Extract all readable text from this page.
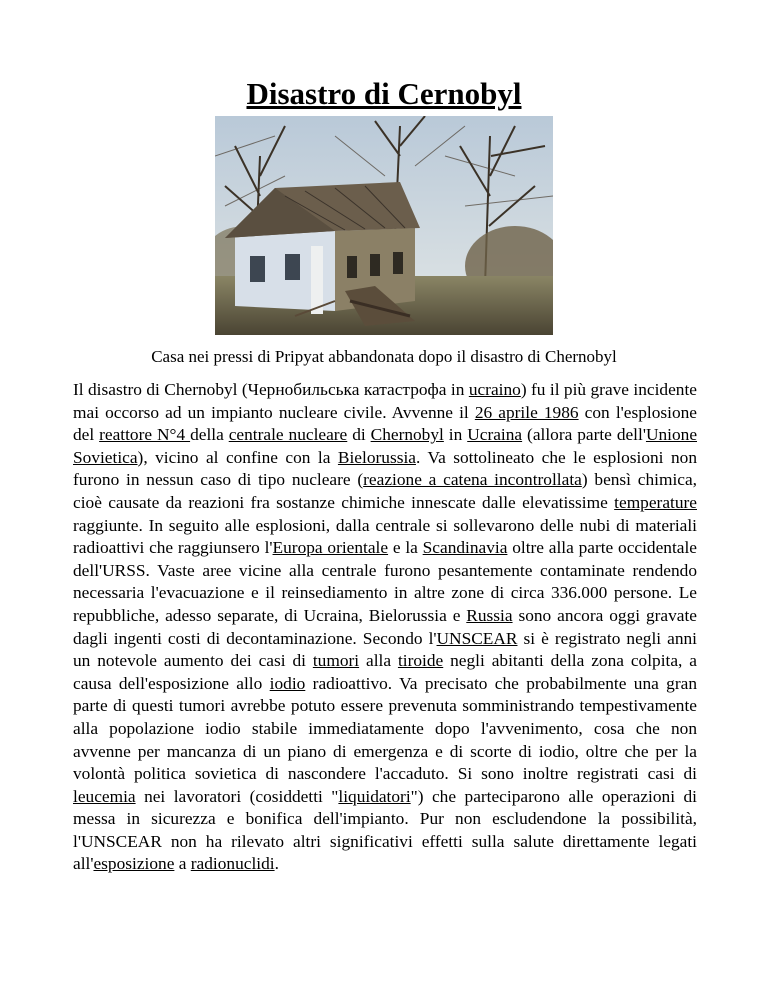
Disastro di Cernobyl

Casa nei pressi di Pripyat abbandonata dopo il disastro di Chernobyl

Il disastro di Chernobyl (Чернобильська катастрофа in ucraino) fu il più grave incidente mai occorso ad un impianto nucleare civile. Avvenne il 26 aprile 1986 con l'esplosione del reattore N°4 della centrale nucleare di Chernobyl in Ucraina (allora parte dell'Unione Sovietica), vicino al confine con la Bielorussia. Va sottolineato che le esplosioni non furono in nessun caso di tipo nucleare (reazione a catena incontrollata) bensì chimica, cioè causate da reazioni fra sostanze chimiche innescate dalle elevatissime temperature raggiunte. In seguito alle esplosioni, dalla centrale si sollevarono delle nubi di materiali radioattivi che raggiunsero l'Europa orientale e la Scandinavia oltre alla parte occidentale dell'URSS. Vaste aree vicine alla centrale furono pesantemente contaminate rendendo necessaria l'evacuazione e il reinsediamento in altre zone di circa 336.000 persone. Le repubbliche, adesso separate, di Ucraina, Bielorussia e Russia sono ancora oggi gravate dagli ingenti costi di decontaminazione. Secondo l'UNSCEAR si è registrato negli anni un notevole aumento dei casi di tumori alla tiroide negli abitanti della zona colpita, a causa dell'esposizione allo iodio radioattivo. Va precisato che probabilmente una gran parte di questi tumori avrebbe potuto essere prevenuta somministrando tempestivamente alla popolazione iodio stabile immediatamente dopo l'avvenimento, cosa che non avvenne per mancanza di un piano di emergenza e di scorte di iodio, oltre che per la volontà politica sovietica di nascondere l'accaduto. Si sono inoltre registrati casi di leucemia nei lavoratori (cosiddetti "liquidatori") che parteciparono alle operazioni di messa in sicurezza e bonifica dell'impianto. Pur non escludendone la possibilità, l'UNSCEAR non ha rilevato altri significativi effetti sulla salute direttamente legati all'esposizione a radionuclidi.
